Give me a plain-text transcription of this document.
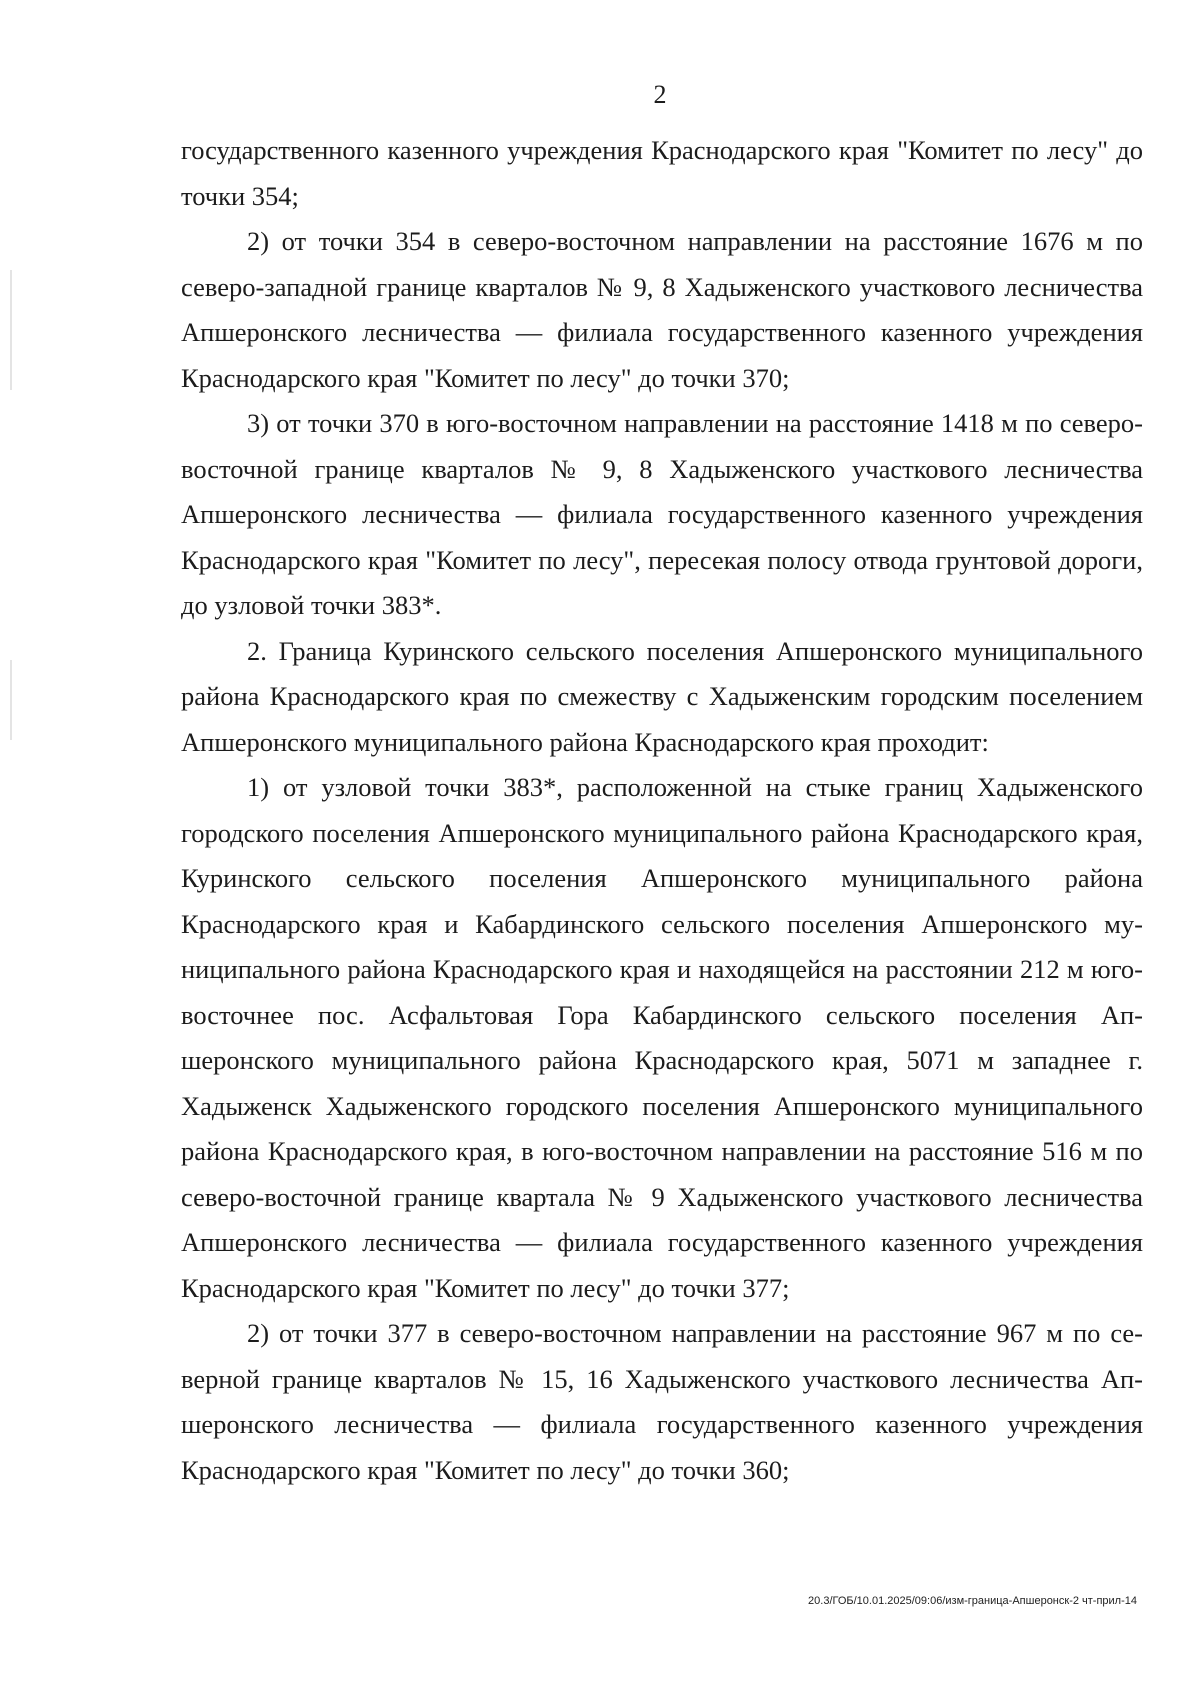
2

государственного казенного учреждения Краснодарского края "Комитет по лесу" до точки 354;

2) от точки 354 в северо-восточном направлении на расстояние 1676 м по северо-западной границе кварталов № 9, 8 Хадыженского участкового лесничества Апшеронского лесничества — филиала государственного казенного учреждения Краснодарского края "Комитет по лесу" до точки 370;

3) от точки 370 в юго-восточном направлении на расстояние 1418 м по северо-восточной границе кварталов № 9, 8 Хадыженского участкового лесничества Апшеронского лесничества — филиала государственного казенного учреждения Краснодарского края "Комитет по лесу", пересекая полосу отвода грунтовой дороги, до узловой точки 383*.

2. Граница Куринского сельского поселения Апшеронского муниципального района Краснодарского края по смежеству с Хадыженским городским поселением Апшеронского муниципального района Краснодарского края проходит:

1) от узловой точки 383*, расположенной на стыке границ Хадыженского городского поселения Апшеронского муниципального района Краснодарского края, Куринского сельского поселения Апшеронского муниципального района Краснодарского края и Кабардинского сельского поселения Апшеронского муниципального района Краснодарского края и находящейся на расстоянии 212 м юго-восточнее пос. Асфальтовая Гора Кабардинского сельского поселения Апшеронского муниципального района Краснодарского края, 5071 м западнее г. Хадыженск Хадыженского городского поселения Апшеронского муниципального района Краснодарского края, в юго-восточном направлении на расстояние 516 м по северо-восточной границе квартала № 9 Хадыженского участкового лесничества Апшеронского лесничества — филиала государственного казенного учреждения Краснодарского края "Комитет по лесу" до точки 377;

2) от точки 377 в северо-восточном направлении на расстояние 967 м по северной границе кварталов № 15, 16 Хадыженского участкового лесничества Апшеронского лесничества — филиала государственного казенного учреждения Краснодарского края "Комитет по лесу" до точки 360;

20.3/ГОБ/10.01.2025/09:06/изм-граница-Апшеронск-2 чт-прил-14
